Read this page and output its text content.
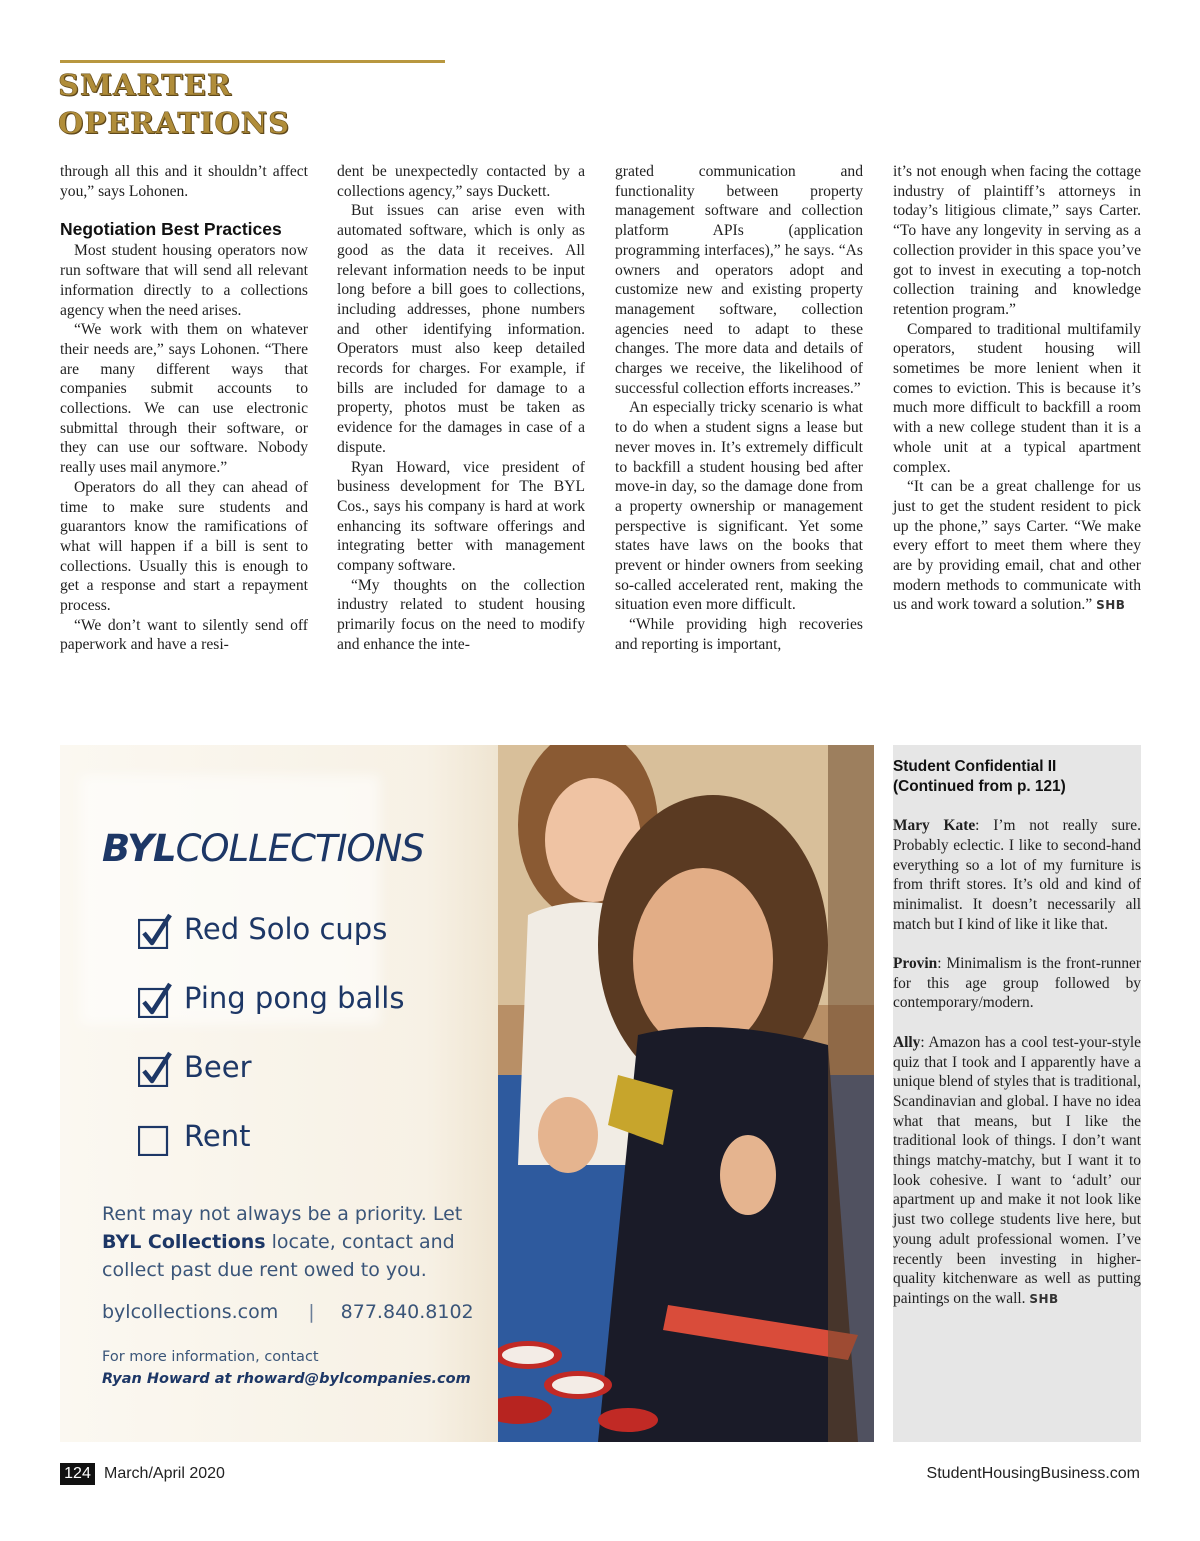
SMARTER OPERATIONS

through all this and it shouldn’t affect you,” says Lohonen.

Negotiation Best Practices

Most student housing operators now run software that will send all relevant information directly to a collections agency when the need arises.

“We work with them on whatever their needs are,” says Lohonen. “There are many different ways that companies submit accounts to collections. We can use electronic submittal through their software, or they can use our software. Nobody really uses mail anymore.”

Operators do all they can ahead of time to make sure students and guarantors know the ramifications of what will happen if a bill is sent to collections. Usually this is enough to get a response and start a repayment process.

“We don’t want to silently send off paperwork and have a resi-

dent be unexpectedly contacted by a collections agency,” says Duckett.

But issues can arise even with automated software, which is only as good as the data it receives. All relevant information needs to be input long before a bill goes to collections, including addresses, phone numbers and other identifying information. Operators must also keep detailed records for charges. For example, if bills are included for damage to a property, photos must be taken as evidence for the damages in case of a dispute.

Ryan Howard, vice president of business development for The BYL Cos., says his company is hard at work enhancing its software offerings and integrating better with management company software.

“My thoughts on the collection industry related to student housing primarily focus on the need to modify and enhance the inte-

grated communication and functionality between property management software and collection platform APIs (application programming interfaces),” he says. “As owners and operators adopt and customize new and existing property management software, collection agencies need to adapt to these changes. The more data and details of charges we receive, the likelihood of successful collection efforts increases.”

An especially tricky scenario is what to do when a student signs a lease but never moves in. It’s extremely difficult to backfill a student housing bed after move-in day, so the damage done from a property ownership or management perspective is significant. Yet some states have laws on the books that prevent or hinder owners from seeking so-called accelerated rent, making the situation even more difficult.

“While providing high recoveries and reporting is important,

it’s not enough when facing the cottage industry of plaintiff’s attorneys in today’s litigious climate,” says Carter. “To have any longevity in serving as a collection provider in this space you’ve got to invest in executing a top-notch collection training and knowledge retention program.”

Compared to traditional multifamily operators, student housing will sometimes be more lenient when it comes to eviction. This is because it’s much more difficult to backfill a room with a new college student than it is a whole unit at a typical apartment complex.

“It can be a great challenge for us just to get the student resident to pick up the phone,” says Carter. “We make every effort to meet them where they are by providing email, chat and other modern methods to communicate with us and work toward a solution.” SHB

BYLCOLLECTIONS
Red Solo cups
Ping pong balls
Beer
Rent
Rent may not always be a priority. Let
BYL Collections locate, contact and collect past due rent owed to you.
bylcollections.com | 877.840.8102
For more information, contact
Ryan Howard at rhoward@bylcompanies.com
Student Confidential II (Continued from p. 121)

Mary Kate: I’m not really sure. Probably eclectic. I like to second-hand everything so a lot of my furniture is from thrift stores. It’s old and kind of minimalist. It doesn’t necessarily all match but I kind of like it like that.

Provin: Minimalism is the front-runner for this age group followed by contemporary/modern.

Ally: Amazon has a cool test-your-style quiz that I took and I apparently have a unique blend of styles that is traditional, Scandinavian and global. I have no idea what that means, but I like the traditional look of things. I don’t want things matchy-matchy, but I want it to look cohesive. I want to ‘adult’ our apartment up and make it not look like just two college students live here, but young adult professional women. I’ve recently been investing in higher-quality kitchenware as well as putting paintings on the wall. SHB

124 March/April 2020	StudentHousingBusiness.com
